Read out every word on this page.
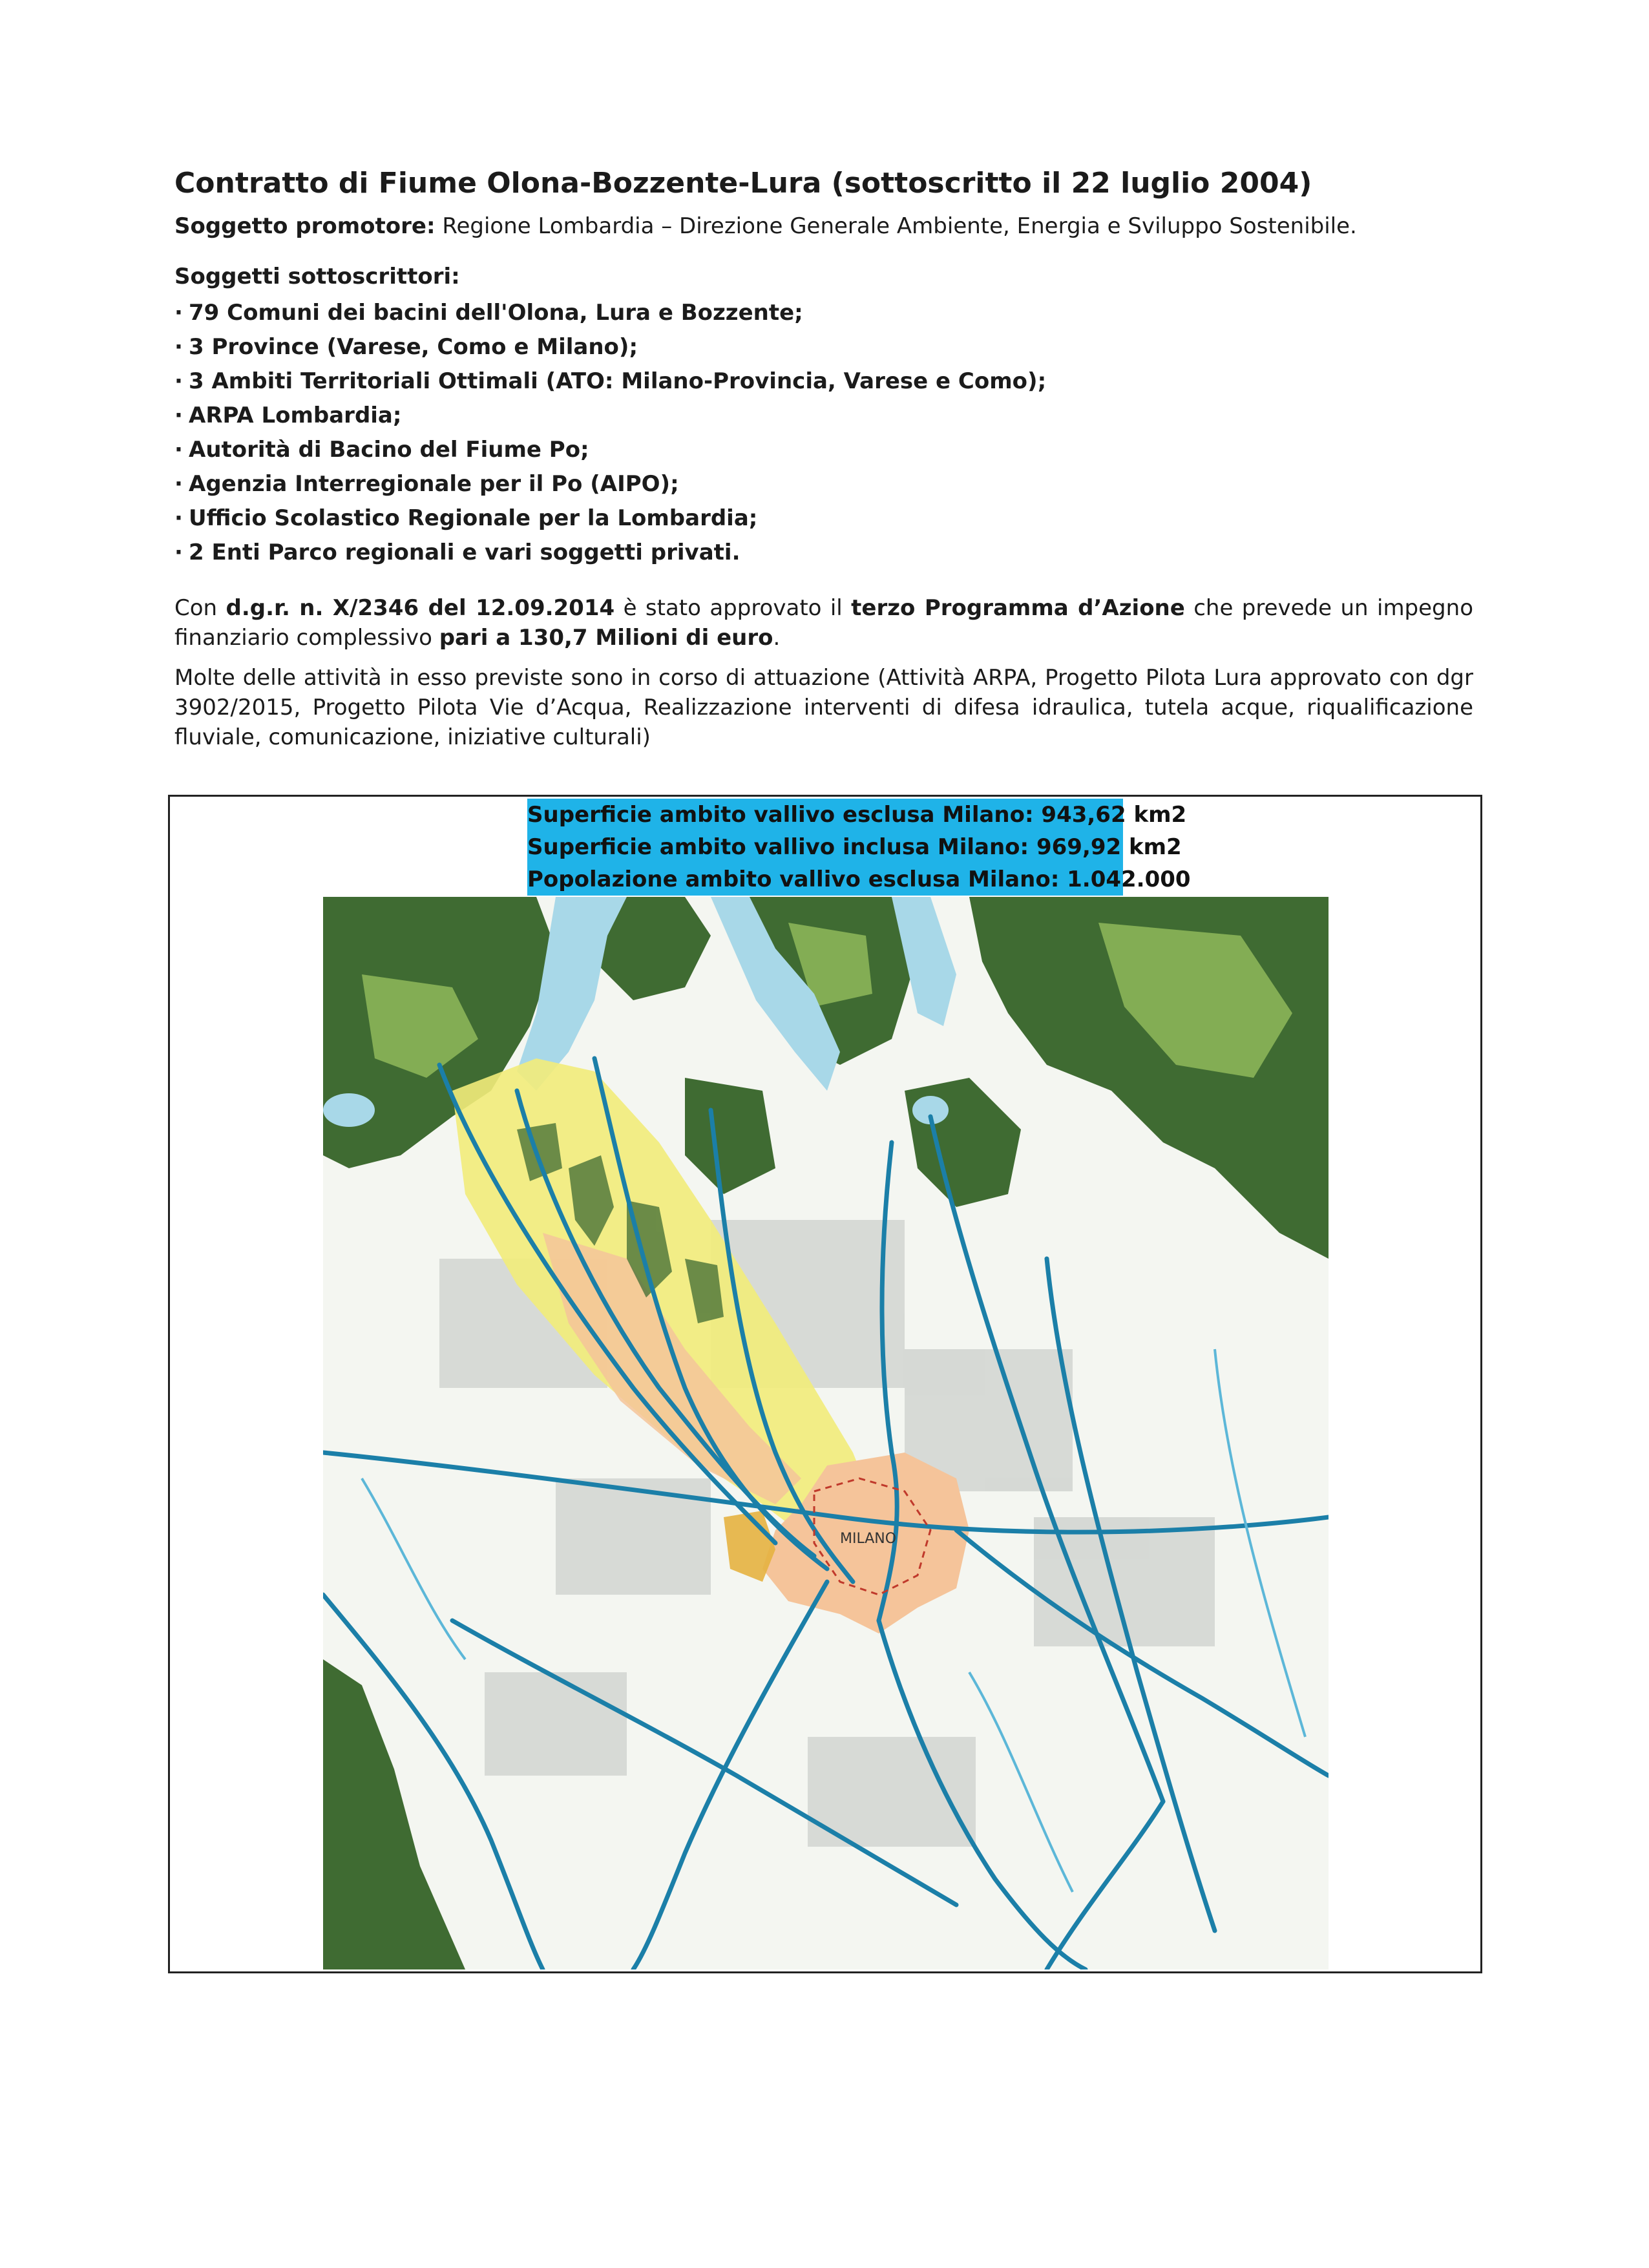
Contratto di Fiume Olona-Bozzente-Lura (sottoscritto il 22 luglio 2004)
Soggetto promotore: Regione Lombardia – Direzione Generale Ambiente, Energia e Sviluppo Sostenibile.
Soggetti sottoscrittori:
· 79 Comuni dei bacini dell'Olona, Lura e Bozzente;
· 3 Province (Varese, Como e Milano);
· 3 Ambiti Territoriali Ottimali (ATO: Milano-Provincia, Varese e Como);
· ARPA Lombardia;
· Autorità di Bacino del Fiume Po;
· Agenzia Interregionale per il Po (AIPO);
· Ufficio Scolastico Regionale per la Lombardia;
· 2 Enti Parco regionali e vari soggetti privati.

Con d.g.r. n. X/2346 del 12.09.2014 è stato approvato il terzo Programma d’Azione che prevede un impegno finanziario complessivo pari a 130,7 Milioni di euro.

Molte delle attività in esso previste sono in corso di attuazione (Attività ARPA, Progetto Pilota Lura approvato con dgr 3902/2015, Progetto Pilota Vie d’Acqua, Realizzazione interventi di difesa idraulica, tutela acque, riqualificazione fluviale, comunicazione, iniziative culturali)

Superficie ambito vallivo esclusa Milano: 943,62 km2
Superficie ambito vallivo inclusa Milano: 969,92 km2
Popolazione ambito vallivo esclusa Milano: 1.042.000
MILANO
